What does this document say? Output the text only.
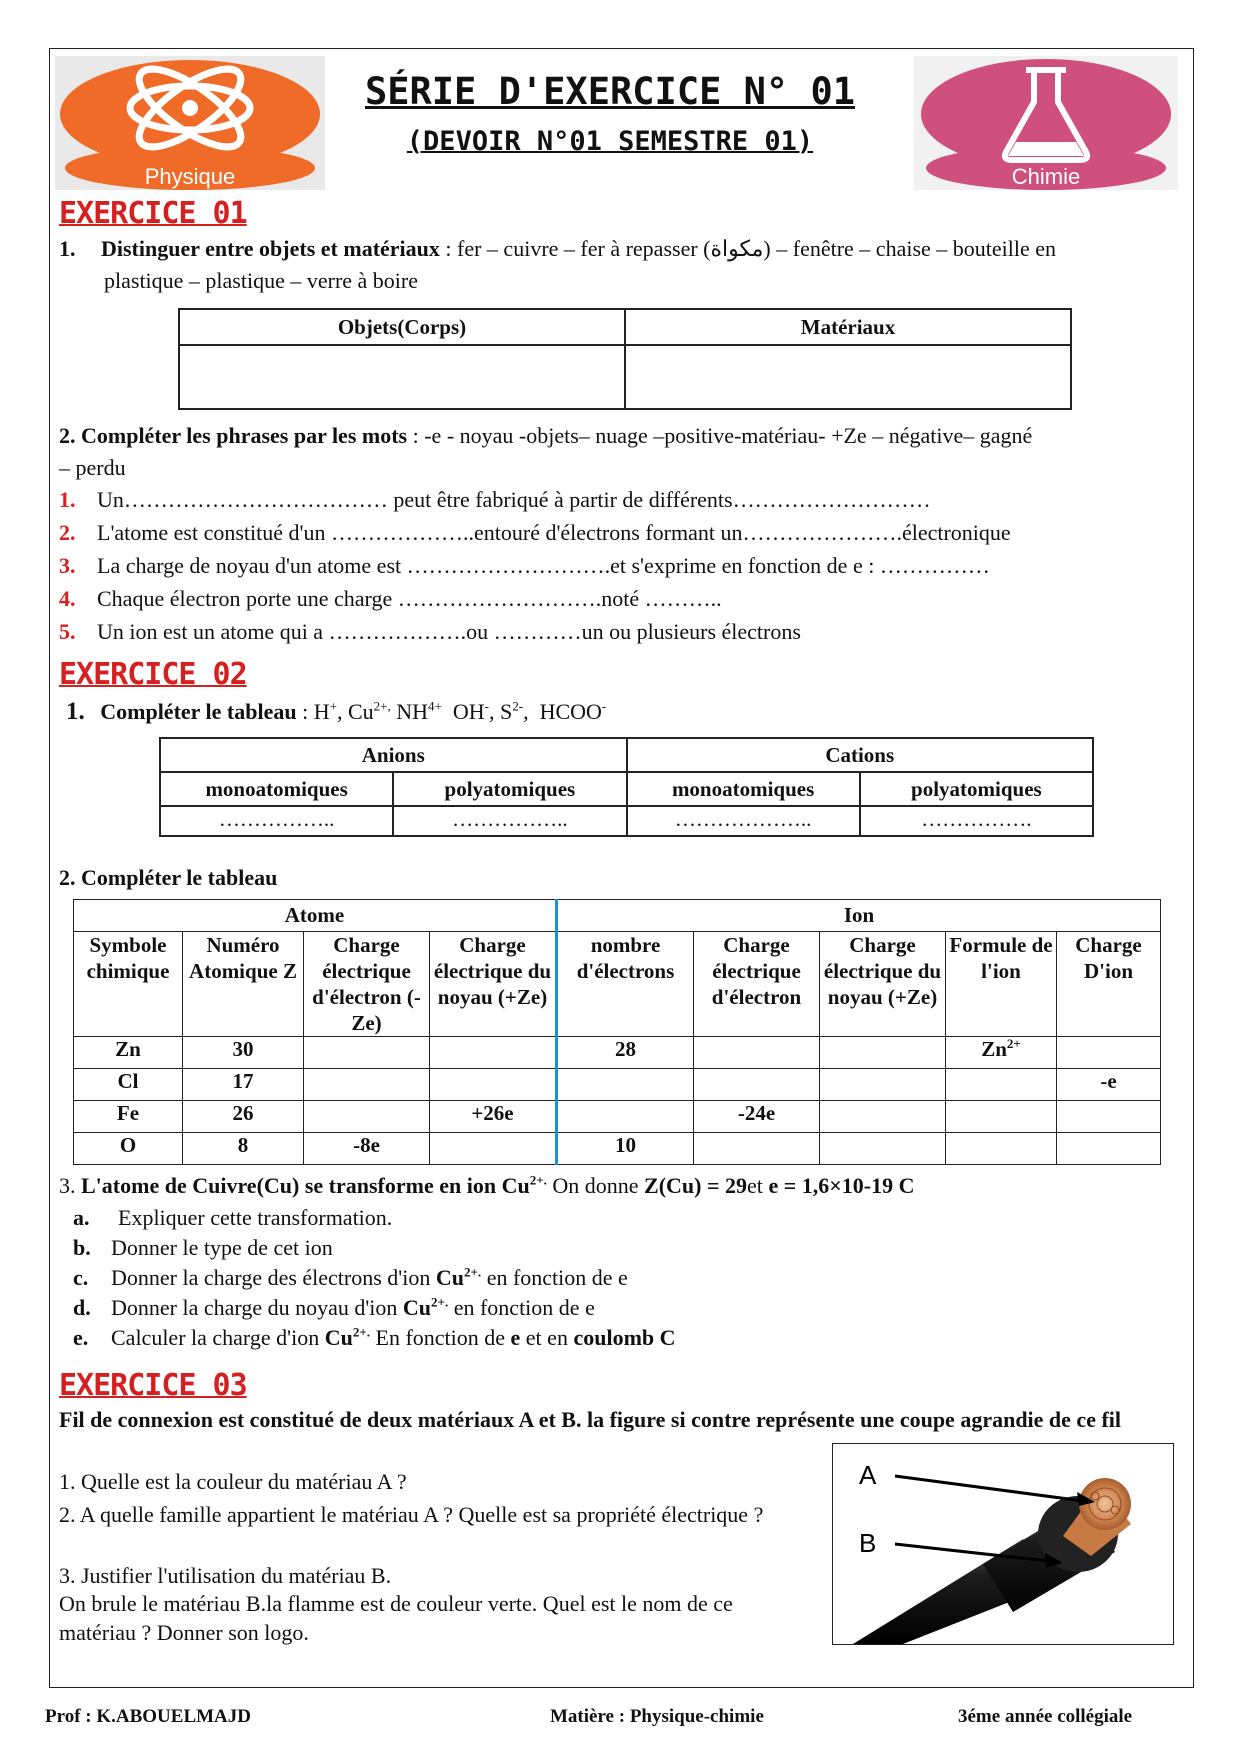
Physique	Chimie
SÉRIE D'EXERCICE N° 01
(DEVOIR N°01 SEMESTRE 01)
EXERCICE 01
1. Distinguer entre objets et matériaux : fer – cuivre – fer à repasser (مكواة) – fenêtre – chaise – bouteille en
plastique – plastique – verre à boire
Objets(Corps)	Matériaux

2. Compléter les phrases par les mots : -e - noyau -objets– nuage –positive-matériau- +Ze – négative– gagné
– perdu
1. Un……………………………… peut être fabriqué à partir de différents………………………
2. L'atome est constitué d'un ………………..entouré d'électrons formant un………………….électronique
3. La charge de noyau d'un atome est ……………………….et s'exprime en fonction de e : ……………
4. Chaque électron porte une charge ……………………….noté ………..
5. Un ion est un atome qui a ……………….ou …………un ou plusieurs électrons
EXERCICE 02
1. Compléter le tableau : H+, $Cu^{2+,}$ $NH^{4+}$ OH-, $S^{2-}$,  HCOO-
Anions		Cations	
monoatomiques	polyatomiques	monoatomiques	polyatomiques
……………..	……………..	………………..	…………….
2. Compléter le tableau
Atome				Ion				
Symbole chimique	Numéro Atomique Z	Charge électrique d'électron (-Ze)	Charge électrique du noyau (+Ze)	nombre d'électrons	Charge électrique d'électron	Charge électrique du noyau (+Ze)	Formule de l'ion	Charge D'ion
Zn	30			28			$Zn^{2+}$	
Cl	17							-e
Fe	26		+26e		-24e			
O	8	-8e		10				
3. L'atome de Cuivre(Cu) se transforme en ion $Cu^{2+.}$ On donne Z(Cu) = 29et e = 1,6×10-19 C
a. Expliquer cette transformation.
b. Donner le type de cet ion
c. Donner la charge des électrons d'ion $Cu^{2+.}$ en fonction de e
d. Donner la charge du noyau d'ion $Cu^{2+.}$ en fonction de e
e. Calculer la charge d'ion $Cu^{2+.}$ En fonction de e et en coulomb C
EXERCICE 03
Fil de connexion est constitué de deux matériaux A et B. la figure si contre représente une coupe agrandie de ce fil
1. Quelle est la couleur du matériau A ?
2. A quelle famille appartient le matériau A ? Quelle est sa propriété électrique ?
3. Justifier l'utilisation du matériau B.
On brule le matériau B.la flamme est de couleur verte. Quel est le nom de ce matériau ? Donner son logo.
A
B
Prof : K.ABOUELMAJD	Matière : Physique-chimie	3éme année collégiale
